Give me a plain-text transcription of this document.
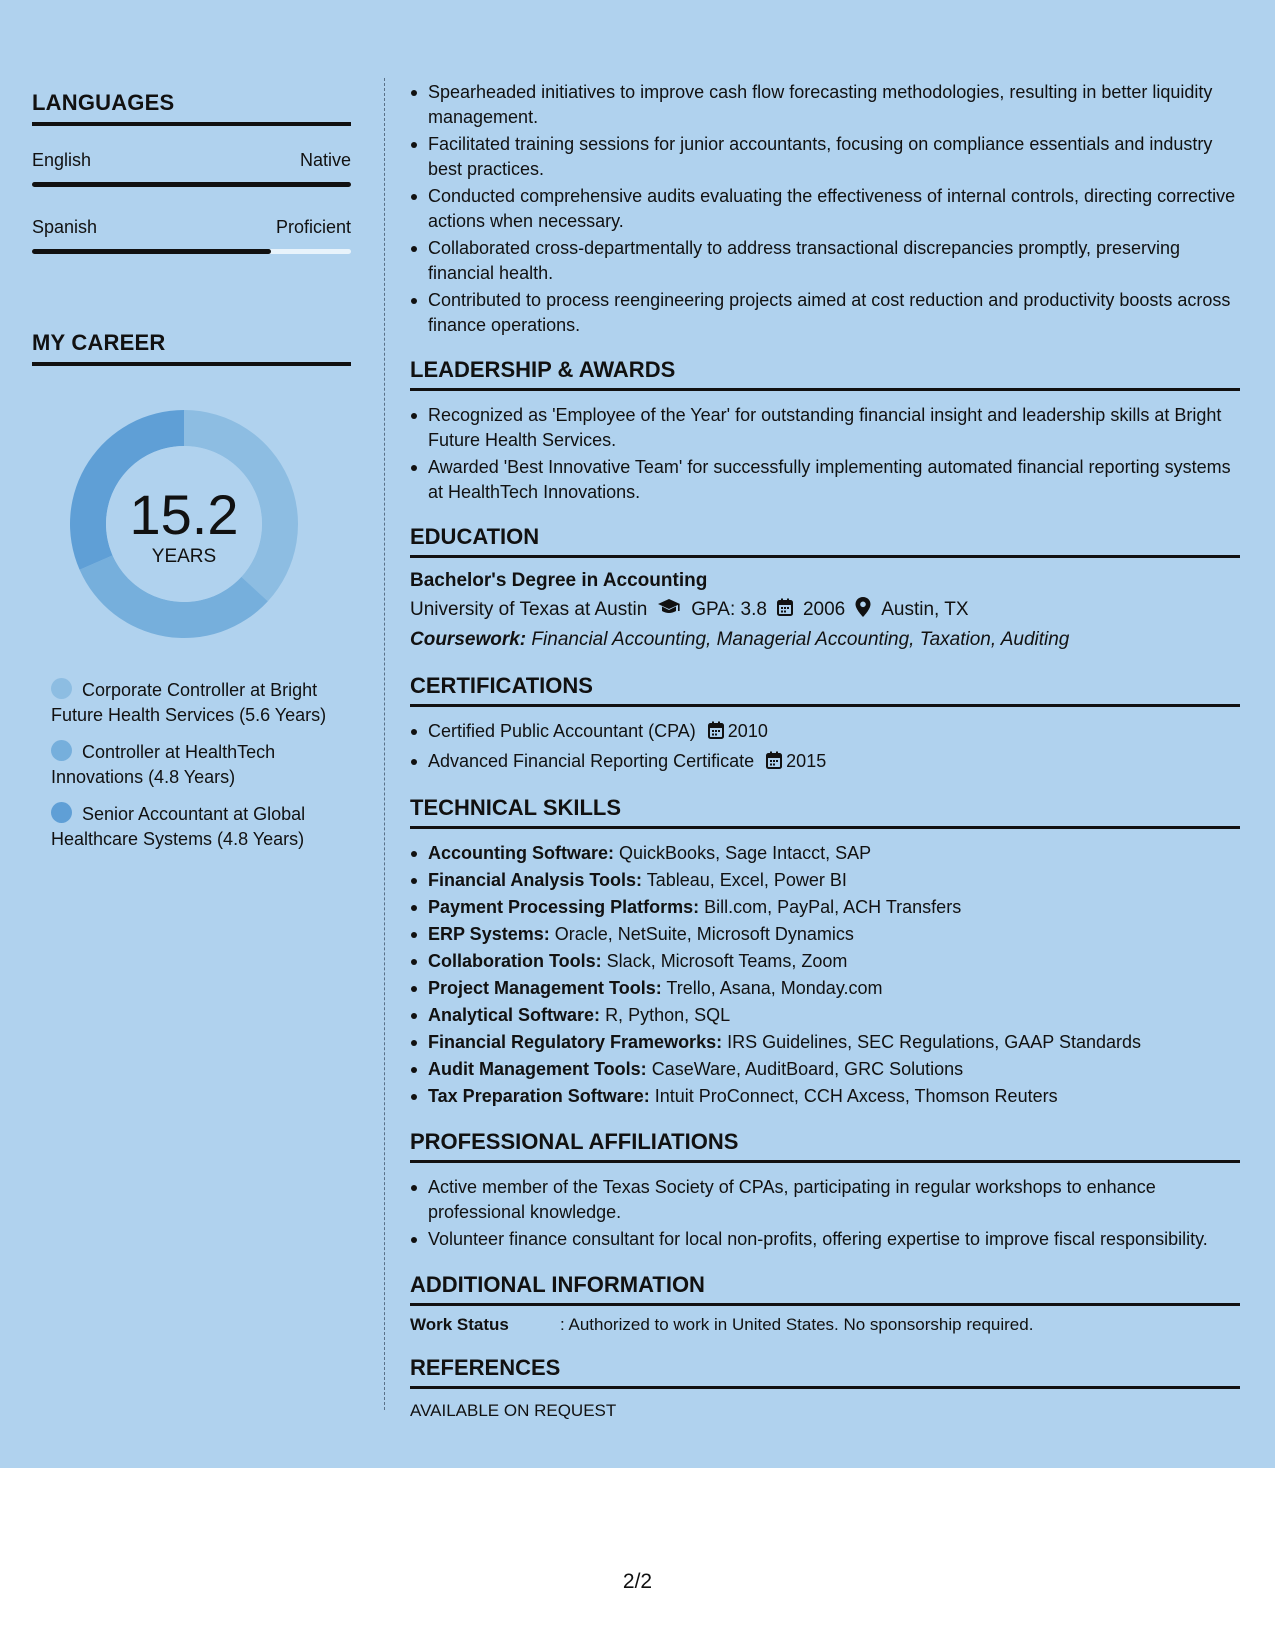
LANGUAGES
English	Native
Spanish	Proficient
MY CAREER
15.2
YEARS
Corporate Controller at Bright Future Health Services (5.6 Years)
Controller at HealthTech Innovations (4.8 Years)
Senior Accountant at Global Healthcare Systems (4.8 Years)
Spearheaded initiatives to improve cash flow forecasting methodologies, resulting in better liquidity management.
Facilitated training sessions for junior accountants, focusing on compliance essentials and industry best practices.
Conducted comprehensive audits evaluating the effectiveness of internal controls, directing corrective actions when necessary.
Collaborated cross-departmentally to address transactional discrepancies promptly, preserving financial health.
Contributed to process reengineering projects aimed at cost reduction and productivity boosts across finance operations.
LEADERSHIP & AWARDS
Recognized as 'Employee of the Year' for outstanding financial insight and leadership skills at Bright Future Health Services.
Awarded 'Best Innovative Team' for successfully implementing automated financial reporting systems at HealthTech Innovations.
EDUCATION
Bachelor's Degree in Accounting
University of Texas at Austin GPA: 3.8 2006 Austin, TX
Coursework: Financial Accounting, Managerial Accounting, Taxation, Auditing
CERTIFICATIONS
Certified Public Accountant (CPA) 2010
Advanced Financial Reporting Certificate 2015
TECHNICAL SKILLS
Accounting Software: QuickBooks, Sage Intacct, SAP
Financial Analysis Tools: Tableau, Excel, Power BI
Payment Processing Platforms: Bill.com, PayPal, ACH Transfers
ERP Systems: Oracle, NetSuite, Microsoft Dynamics
Collaboration Tools: Slack, Microsoft Teams, Zoom
Project Management Tools: Trello, Asana, Monday.com
Analytical Software: R, Python, SQL
Financial Regulatory Frameworks: IRS Guidelines, SEC Regulations, GAAP Standards
Audit Management Tools: CaseWare, AuditBoard, GRC Solutions
Tax Preparation Software: Intuit ProConnect, CCH Axcess, Thomson Reuters
PROFESSIONAL AFFILIATIONS
Active member of the Texas Society of CPAs, participating in regular workshops to enhance professional knowledge.
Volunteer finance consultant for local non-profits, offering expertise to improve fiscal responsibility.
ADDITIONAL INFORMATION
Work Status	: Authorized to work in United States. No sponsorship required.
REFERENCES
AVAILABLE ON REQUEST
2/2
